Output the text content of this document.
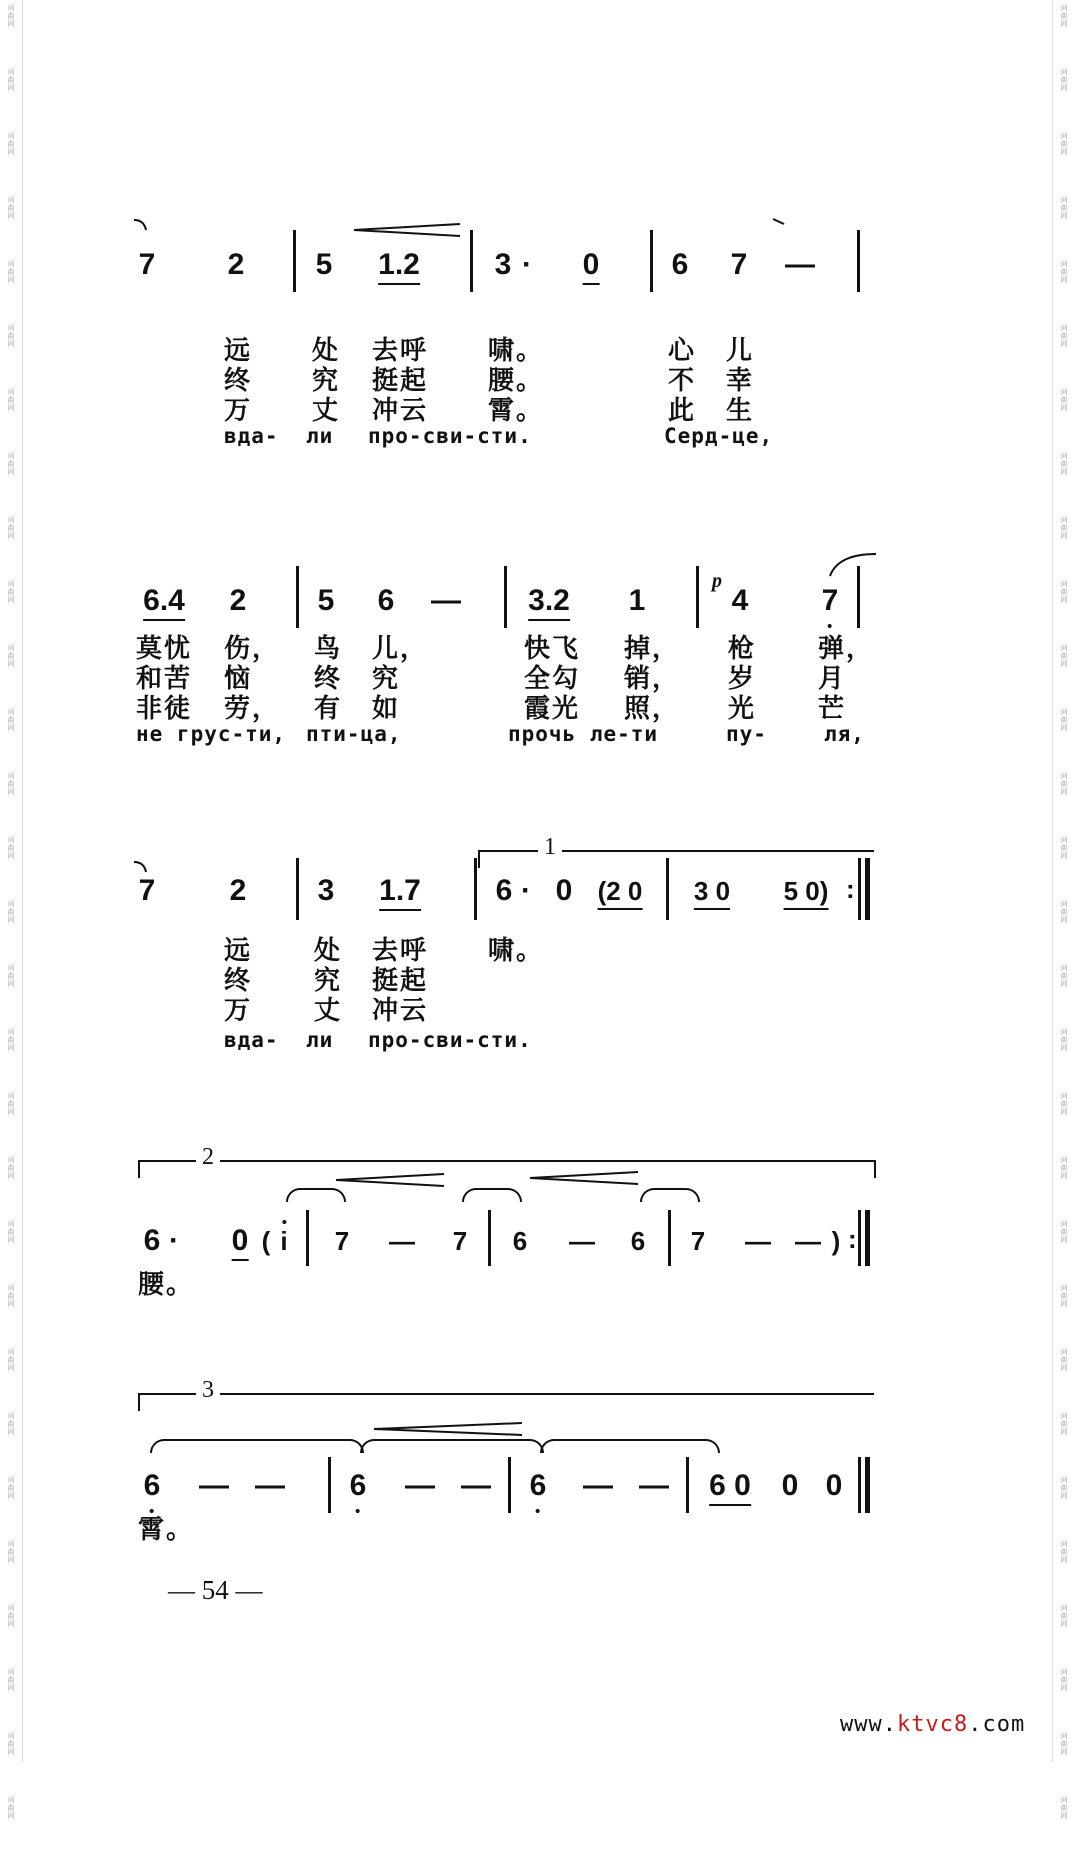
词
曲
网
词
曲
网
词
曲
网
词
曲
网
词
曲
网
词
曲
网
词
曲
网
词
曲
网
词
曲
网
词
曲
网
词
曲
网
词
曲
网
词
曲
网
词
曲
网
词
曲
网
词
曲
网
词
曲
网
词
曲
网
词
曲
网
词
曲
网
词
曲
网
词
曲
网
词
曲
网
词
曲
网
词
曲
网
词
曲
网
词
曲
网
词
曲
网
词
曲
网
词
曲
网
词
曲
网
词
曲
网
词
曲
网
词
曲
网
词
曲
网
词
曲
网
词
曲
网
词
曲
网
词
曲
网
词
曲
网
词
曲
网
词
曲
网
词
曲
网
词
曲
网
词
曲
网
词
曲
网
词
曲
网
词
曲
网
词
曲
网
词
曲
网
词
曲
网
词
曲
网
词
曲
网
词
曲
网
词
曲
网
词
曲
网
词
曲
网
词
曲
网
7 2 5 1.2 3 · 0 6 7 —
远 处 去呼 啸。	心 儿
终 究 挺起 腰。	不 幸
万 丈 冲云 霄。	此 生
вда- ли про-сви-сти.	Серд-це,
6.4 2 5 6 — 3.2 1
p
4 7
莫忧 伤， 鸟 儿，	快飞 掉， 枪 弹，
和苦 恼 终 究	全勾 销， 岁 月
非徒 劳， 有 如	霞光 照， 光 芒
не грус-ти, пти-ца,	прочь ле-ти	пу-	ля,
1
7 2 3 1.7 6 · 0 (2 0 3 0 5 0) :
远 处 去呼 啸。
终 究 挺起
万 丈 冲云
вда- ли про-сви-сти.
2
6 · 0 ( i 7 — 7 6 — 6 7 — — ) :
腰。
3
6 — — 6 — — 6 — — 6 0 0 0
霄。
— 54 —
www.ktvc8.com
